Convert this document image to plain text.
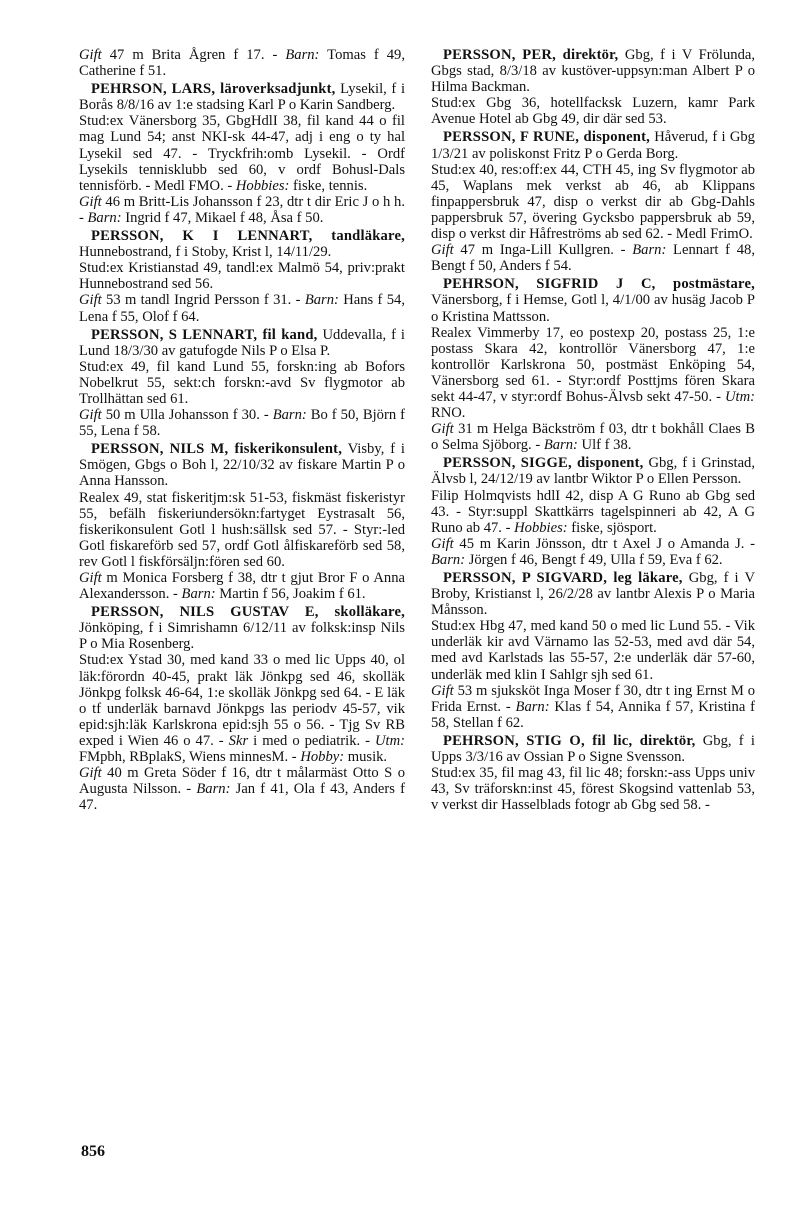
Gift 47 m Brita Ågren f 17. - Barn: Tomas f 49, Catherine f 51.

PEHRSON, LARS, läroverksadjunkt, Lysekil, f i Borås 8/8/16 av 1:e stadsing Karl P o Karin Sandberg.

Stud:ex Vänersborg 35, GbgHdlI 38, fil kand 44 o fil mag Lund 54; anst NKI-sk 44-47, adj i eng o ty hal Lysekil sed 47. - Tryckfrih:omb Lysekil. - Ordf Lysekils tennisklubb sed 60, v ordf Bohusl-Dals tennisförb. - Medl FMO. - Hobbies: fiske, tennis.

Gift 46 m Britt-Lis Johansson f 23, dtr t dir Eric J o h h. - Barn: Ingrid f 47, Mikael f 48, Åsa f 50.

PERSSON, K I LENNART, tandläkare, Hunnebostrand, f i Stoby, Krist l, 14/11/29.

Stud:ex Kristianstad 49, tandl:ex Malmö 54, priv:prakt Hunnebostrand sed 56.

Gift 53 m tandl Ingrid Persson f 31. - Barn: Hans f 54, Lena f 55, Olof f 64.

PERSSON, S LENNART, fil kand, Uddevalla, f i Lund 18/3/30 av gatufogde Nils P o Elsa P.

Stud:ex 49, fil kand Lund 55, forskn:ing ab Bofors Nobelkrut 55, sekt:ch forskn:-avd Sv flygmotor ab Trollhättan sed 61.

Gift 50 m Ulla Johansson f 30. - Barn: Bo f 50, Björn f 55, Lena f 58.

PERSSON, NILS M, fiskerikonsulent, Visby, f i Smögen, Gbgs o Boh l, 22/10/32 av fiskare Martin P o Anna Hansson.

Realex 49, stat fiskeritjm:sk 51-53, fiskmäst fiskeristyr 55, befälh fiskeriundersökn:fartyget Eystrasalt 56, fiskerikonsulent Gotl l hush:sällsk sed 57. - Styr:-led Gotl fiskareförb sed 57, ordf Gotl ålfiskareförb sed 58, rev Gotl l fiskförsäljn:fören sed 60.

Gift m Monica Forsberg f 38, dtr t gjut Bror F o Anna Alexandersson. - Barn: Martin f 56, Joakim f 61.

PERSSON, NILS GUSTAV E, skolläkare, Jönköping, f i Simrishamn 6/12/11 av folksk:insp Nils P o Mia Rosenberg.

Stud:ex Ystad 30, med kand 33 o med lic Upps 40, ol läk:förordn 40-45, prakt läk Jönkpg sed 46, skolläk Jönkpg folksk 46-64, 1:e skolläk Jönkpg sed 64. - E läk o tf underläk barnavd Jönkpgs las periodv 45-57, vik epid:sjh:läk Karlskrona epid:sjh 55 o 56. - Tjg Sv RB exped i Wien 46 o 47. - Skr i med o pediatrik. - Utm: FMpbh, RBplakS, Wiens minnesM. - Hobby: musik.

Gift 40 m Greta Söder f 16, dtr t målarmäst Otto S o Augusta Nilsson. - Barn: Jan f 41, Ola f 43, Anders f 47.

PERSSON, PER, direktör, Gbg, f i V Frölunda, Gbgs stad, 8/3/18 av kustöver-uppsyn:man Albert P o Hilma Backman.

Stud:ex Gbg 36, hotellfacksk Luzern, kamr Park Avenue Hotel ab Gbg 49, dir där sed 53.

PERSSON, F RUNE, disponent, Håverud, f i Gbg 1/3/21 av poliskonst Fritz P o Gerda Borg.

Stud:ex 40, res:off:ex 44, CTH 45, ing Sv flygmotor ab 45, Waplans mek verkst ab 46, ab Klippans finpappersbruk 47, disp o verkst dir ab Gbg-Dahls pappersbruk 57, övering Gycksbo pappersbruk ab 59, disp o verkst dir Håfreströms ab sed 62. - Medl FrimO.

Gift 47 m Inga-Lill Kullgren. - Barn: Lennart f 48, Bengt f 50, Anders f 54.

PEHRSON, SIGFRID J C, postmästare, Vänersborg, f i Hemse, Gotl l, 4/1/00 av husäg Jacob P o Kristina Mattsson.

Realex Vimmerby 17, eo postexp 20, postass 25, 1:e postass Skara 42, kontrollör Vänersborg 47, 1:e kontrollör Karlskrona 50, postmäst Enköping 54, Vänersborg sed 61. - Styr:ordf Posttjms fören Skara sekt 44-47, v styr:ordf Bohus-Älvsb sekt 47-50. - Utm: RNO.

Gift 31 m Helga Bäckström f 03, dtr t bokhåll Claes B o Selma Sjöborg. - Barn: Ulf f 38.

PERSSON, SIGGE, disponent, Gbg, f i Grinstad, Älvsb l, 24/12/19 av lantbr Wiktor P o Ellen Persson.

Filip Holmqvists hdlI 42, disp A G Runo ab Gbg sed 43. - Styr:suppl Skattkärrs tagelspinneri ab 42, A G Runo ab 47. - Hobbies: fiske, sjösport.

Gift 45 m Karin Jönsson, dtr t Axel J o Amanda J. - Barn: Jörgen f 46, Bengt f 49, Ulla f 59, Eva f 62.

PERSSON, P SIGVARD, leg läkare, Gbg, f i V Broby, Kristianst l, 26/2/28 av lantbr Alexis P o Maria Månsson.

Stud:ex Hbg 47, med kand 50 o med lic Lund 55. - Vik underläk kir avd Värnamo las 52-53, med avd där 54, med avd Karlstads las 55-57, 2:e underläk där 57-60, underläk med klin I Sahlgr sjh sed 61.

Gift 53 m sjuksköt Inga Moser f 30, dtr t ing Ernst M o Frida Ernst. - Barn: Klas f 54, Annika f 57, Kristina f 58, Stellan f 62.

PEHRSON, STIG O, fil lic, direktör, Gbg, f i Upps 3/3/16 av Ossian P o Signe Svensson.

Stud:ex 35, fil mag 43, fil lic 48; forskn:-ass Upps univ 43, Sv träforskn:inst 45, förest Skogsind vattenlab 53, v verkst dir Hasselblads fotogr ab Gbg sed 58. -

856
